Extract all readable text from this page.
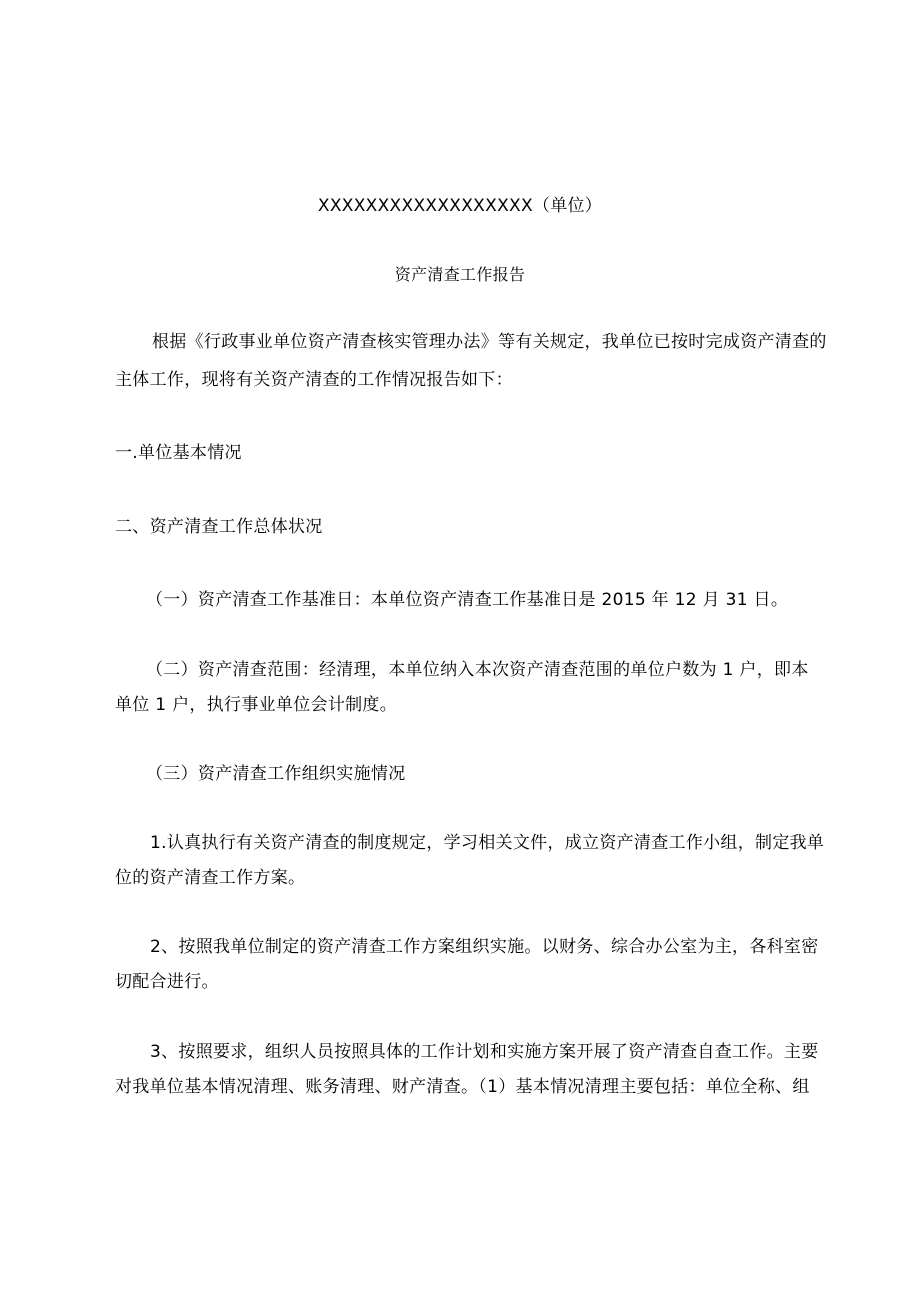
XXXXXXXXXXXXXXXXXX（单位）
资产清查工作报告
根据《行政事业单位资产清查核实管理办法》等有关规定，我单位已按时完成资产清查的
主体工作，现将有关资产清查的工作情况报告如下：
一.单位基本情况
二、资产清查工作总体状况
（一）资产清查工作基准日：本单位资产清查工作基准日是 2015 年 12 月 31 日。
（二）资产清查范围：经清理，本单位纳入本次资产清查范围的单位户数为 1 户，即本
单位 1 户，执行事业单位会计制度。
（三）资产清查工作组织实施情况
1.认真执行有关资产清查的制度规定，学习相关文件，成立资产清查工作小组，制定我单
位的资产清查工作方案。
2、按照我单位制定的资产清查工作方案组织实施。以财务、综合办公室为主，各科室密
切配合进行。
3、按照要求，组织人员按照具体的工作计划和实施方案开展了资产清查自查工作。主要
对我单位基本情况清理、账务清理、财产清查。（1）基本情况清理主要包括：单位全称、组
